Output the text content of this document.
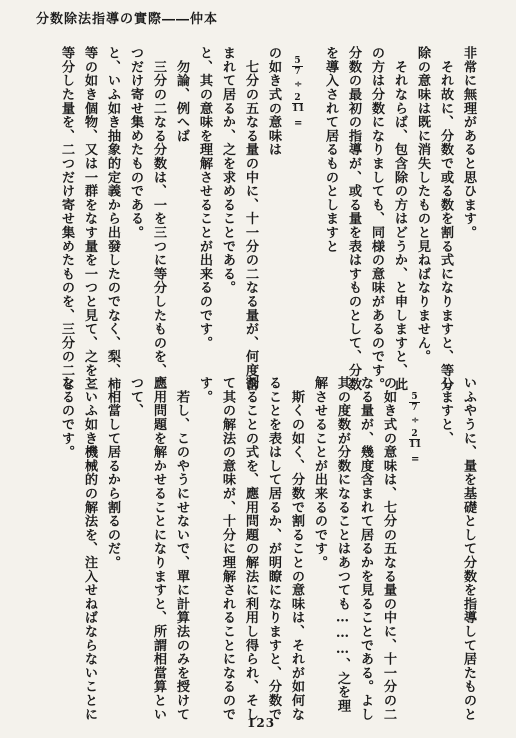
分数除法指導の實際――仲本
非常に無理があると思ひます。
　それ故に、分数で或る数を割る式になりますと、等分
除の意味は既に消失したものと見ねばなりません。
　それならば、包含除の方はどうか、と申しますと、此
の方は分数になりましても、同様の意味があるのです。
分数の最初の指導が、或る量を表はすものとして、分数
を導入されて居るものとしますと
5
7
÷
2
11
=
の如き式の意味は
　七分の五なる量の中に、十一分の二なる量が、何度含
まれて居るか、之を求めることである。
と、其の意味を理解させることが出来るのです。
　勿論、例へば
　三分の二なる分数は、一を三つに等分したものを、二
つだけ寄せ集めたものである。
と、いふ如き抽象的定義から出發したのでなく、梨、柿
等の如き個物、又は一群をなす量を一つと見て、之を三
等分した量を、二つだけ寄せ集めたものを、三分の二と
いふやうに、量を基礎として分数を指導して居たものと
しますと、
5
7
÷
2
11
=
の如き式の意味は、七分の五なる量の中に、十一分の二
なる量が、幾度含まれて居るかを見ることである。よし
其の度数が分数になることはあつても………、之を理
解させることが出来るのです。
　斯くの如く、分数で割ることの意味は、それが如何な
ることを表はして居るか、が明瞭になりますと、分数で
割ることの式を、應用問題の解法に利用し得られ、そし
て其の解法の意味が、十分に理解されることになるので
す。
　若し、このやうにせないで、單に計算法のみを授けて
應用問題を解かせることになりますと、所謂相當算とい
つて、
　相當して居るから割るのだ。
といふ如き機械的の解法を、注入せねばならないことに
なるのです。
123
